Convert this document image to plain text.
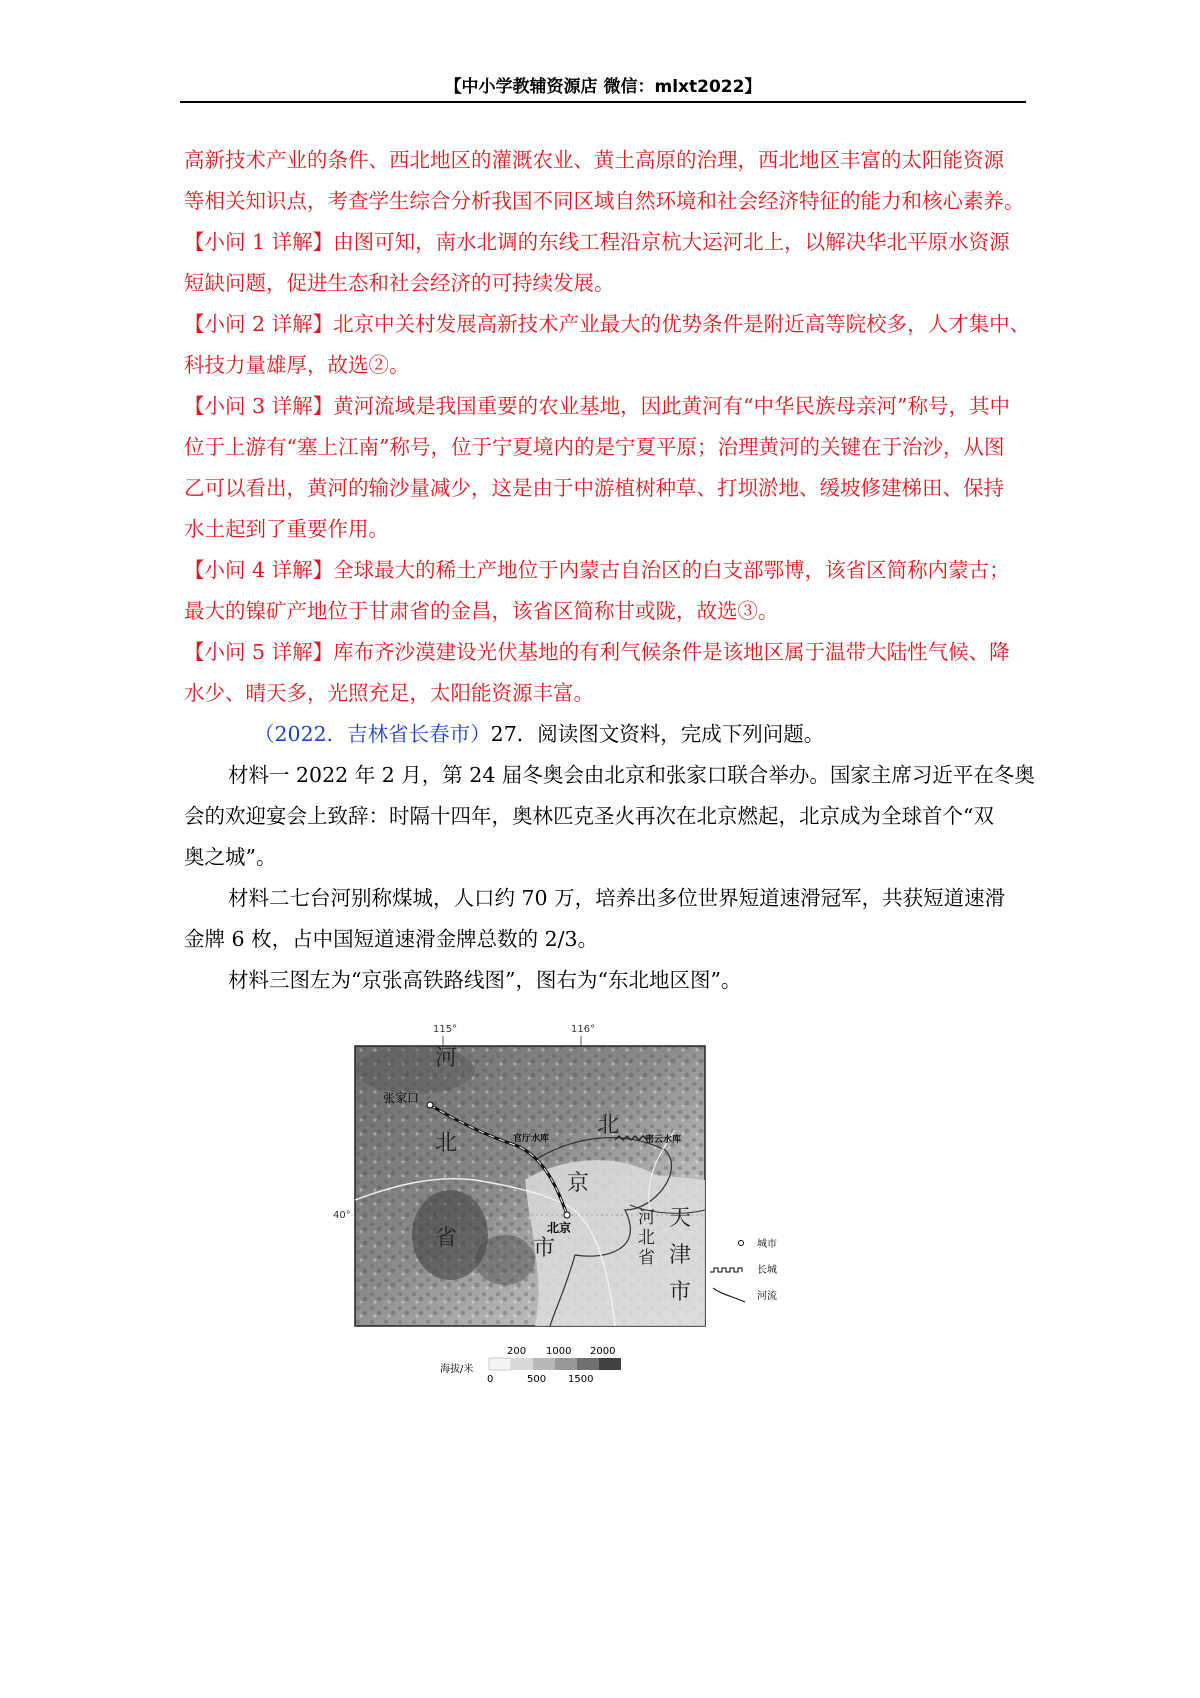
【中小学教辅资源店 微信：mlxt2022】
高新技术产业的条件、西北地区的灌溉农业、黄土高原的治理，西北地区丰富的太阳能资源
等相关知识点，考查学生综合分析我国不同区域自然环境和社会经济特征的能力和核心素养。
【小问 1 详解】由图可知，南水北调的东线工程沿京杭大运河北上，以解决华北平原水资源
短缺问题，促进生态和社会经济的可持续发展。
【小问 2 详解】北京中关村发展高新技术产业最大的优势条件是附近高等院校多，人才集中、
科技力量雄厚，故选②。
【小问 3 详解】黄河流域是我国重要的农业基地，因此黄河有“中华民族母亲河”称号，其中
位于上游有“塞上江南”称号，位于宁夏境内的是宁夏平原；治理黄河的关键在于治沙，从图
乙可以看出，黄河的输沙量减少，这是由于中游植树种草、打坝淤地、缓坡修建梯田、保持
水土起到了重要作用。
【小问 4 详解】全球最大的稀土产地位于内蒙古自治区的白支部鄂博，该省区简称内蒙古；
最大的镍矿产地位于甘肃省的金昌，该省区简称甘或陇，故选③。
【小问 5 详解】库布齐沙漠建设光伏基地的有利气候条件是该地区属于温带大陆性气候、降
水少、晴天多，光照充足，太阳能资源丰富。
（2022．吉林省长春市）27．阅读图文资料，完成下列问题。
材料一 2022 年 2 月，第 24 届冬奥会由北京和张家口联合举办。国家主席习近平在冬奥
会的欢迎宴会上致辞：时隔十四年，奥林匹克圣火再次在北京燃起，北京成为全球首个“双
奥之城”。
材料二七台河别称煤城，人口约 70 万，培养出多位世界短道速滑冠军，共获短道速滑
金牌 6 枚，占中国短道速滑金牌总数的 2/3。
材料三图左为“京张高铁路线图”，图右为“东北地区图”。
115°	116°
40°
张家口
北京
官厅水库	密云水库
河
北
省
北
京
市
河
北
省
天
津
市
城市
长城
河流
海拔/米
200 1000 2000
0	500 1500
